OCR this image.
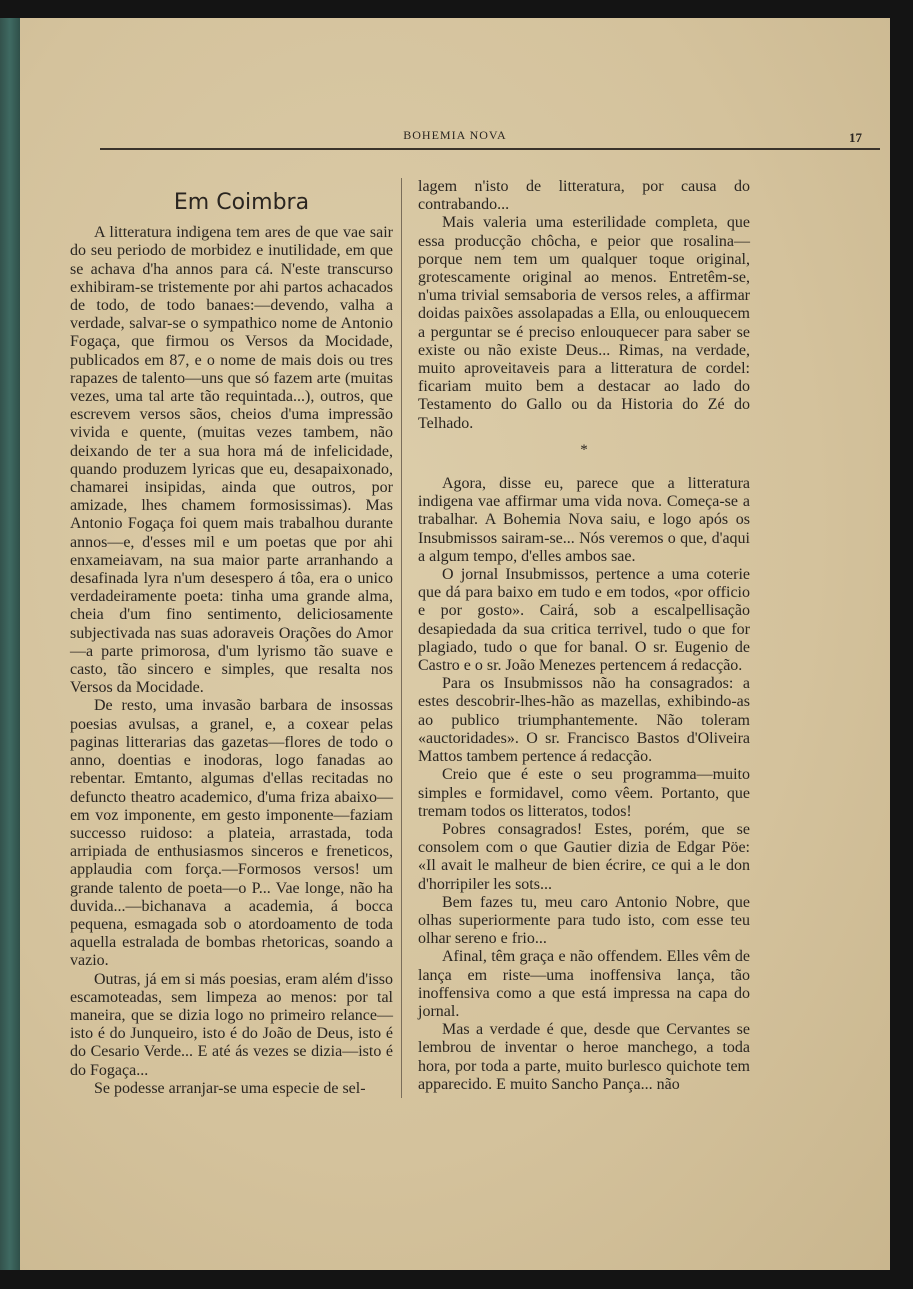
BOHEMIA NOVA	17
Em Coimbra

A litteratura indigena tem ares de que vae sair do seu periodo de morbidez e inutilidade, em que se achava d'ha annos para cá. N'este transcurso exhibiram-se tristemente por ahi partos achacados de todo, de todo banaes:—devendo, valha a verdade, salvar-se o sympathico nome de Antonio Fogaça, que firmou os Versos da Mocidade, publicados em 87, e o nome de mais dois ou tres rapazes de talento—uns que só fazem arte (muitas vezes, uma tal arte tão requintada...), outros, que escrevem versos sãos, cheios d'uma impressão vivida e quente, (muitas vezes tambem, não deixando de ter a sua hora má de infelicidade, quando produzem lyricas que eu, desapaixonado, chamarei insipidas, ainda que outros, por amizade, lhes chamem formosissimas). Mas Antonio Fogaça foi quem mais trabalhou durante annos—e, d'esses mil e um poetas que por ahi enxameiavam, na sua maior parte arranhando a desafinada lyra n'um desespero á tôa, era o unico verdadeiramente poeta: tinha uma grande alma, cheia d'um fino sentimento, deliciosamente subjectivada nas suas adoraveis Orações do Amor—a parte primorosa, d'um lyrismo tão suave e casto, tão sincero e simples, que resalta nos Versos da Mocidade.

De resto, uma invasão barbara de insossas poesias avulsas, a granel, e, a coxear pelas paginas litterarias das gazetas—flores de todo o anno, doentias e inodoras, logo fanadas ao rebentar. Emtanto, algumas d'ellas recitadas no defuncto theatro academico, d'uma friza abaixo—em voz imponente, em gesto imponente—faziam successo ruidoso: a plateia, arrastada, toda arripiada de enthusiasmos sinceros e freneticos, applaudia com força.—Formosos versos! um grande talento de poeta—o P... Vae longe, não ha duvida...—bichanava a academia, á bocca pequena, esmagada sob o atordoamento de toda aquella estralada de bombas rhetoricas, soando a vazio.

Outras, já em si más poesias, eram além d'isso escamoteadas, sem limpeza ao menos: por tal maneira, que se dizia logo no primeiro relance—isto é do Junqueiro, isto é do João de Deus, isto é do Cesario Verde... E até ás vezes se dizia—isto é do Fogaça...

Se podesse arranjar-se uma especie de sel-

lagem n'isto de litteratura, por causa do contrabando...

Mais valeria uma esterilidade completa, que essa producção chôcha, e peior que rosalina—porque nem tem um qualquer toque original, grotescamente original ao menos. Entretêm-se, n'uma trivial semsaboria de versos reles, a affirmar doidas paixões assolapadas a Ella, ou enlouquecem a perguntar se é preciso enlouquecer para saber se existe ou não existe Deus... Rimas, na verdade, muito aproveitaveis para a litteratura de cordel: ficariam muito bem a destacar ao lado do Testamento do Gallo ou da Historia do Zé do Telhado.

*

Agora, disse eu, parece que a litteratura indigena vae affirmar uma vida nova. Começa-se a trabalhar. A Bohemia Nova saiu, e logo após os Insubmissos sairam-se... Nós veremos o que, d'aqui a algum tempo, d'elles ambos sae.

O jornal Insubmissos, pertence a uma coterie que dá para baixo em tudo e em todos, «por officio e por gosto». Cairá, sob a escalpellisação desapiedada da sua critica terrivel, tudo o que for plagiado, tudo o que for banal. O sr. Eugenio de Castro e o sr. João Menezes pertencem á redacção.

Para os Insubmissos não ha consagrados: a estes descobrir-lhes-hão as mazellas, exhibindo-as ao publico triumphantemente. Não toleram «auctoridades». O sr. Francisco Bastos d'Oliveira Mattos tambem pertence á redacção.

Creio que é este o seu programma—muito simples e formidavel, como vêem. Portanto, que tremam todos os litteratos, todos!

Pobres consagrados! Estes, porém, que se consolem com o que Gautier dizia de Edgar Pöe: «Il avait le malheur de bien écrire, ce qui a le don d'horripiler les sots...

Bem fazes tu, meu caro Antonio Nobre, que olhas superiormente para tudo isto, com esse teu olhar sereno e frio...

Afinal, têm graça e não offendem. Elles vêm de lança em riste—uma inoffensiva lança, tão inoffensiva como a que está impressa na capa do jornal.

Mas a verdade é que, desde que Cervantes se lembrou de inventar o heroe manchego, a toda hora, por toda a parte, muito burlesco quichote tem apparecido. E muito Sancho Pança... não
